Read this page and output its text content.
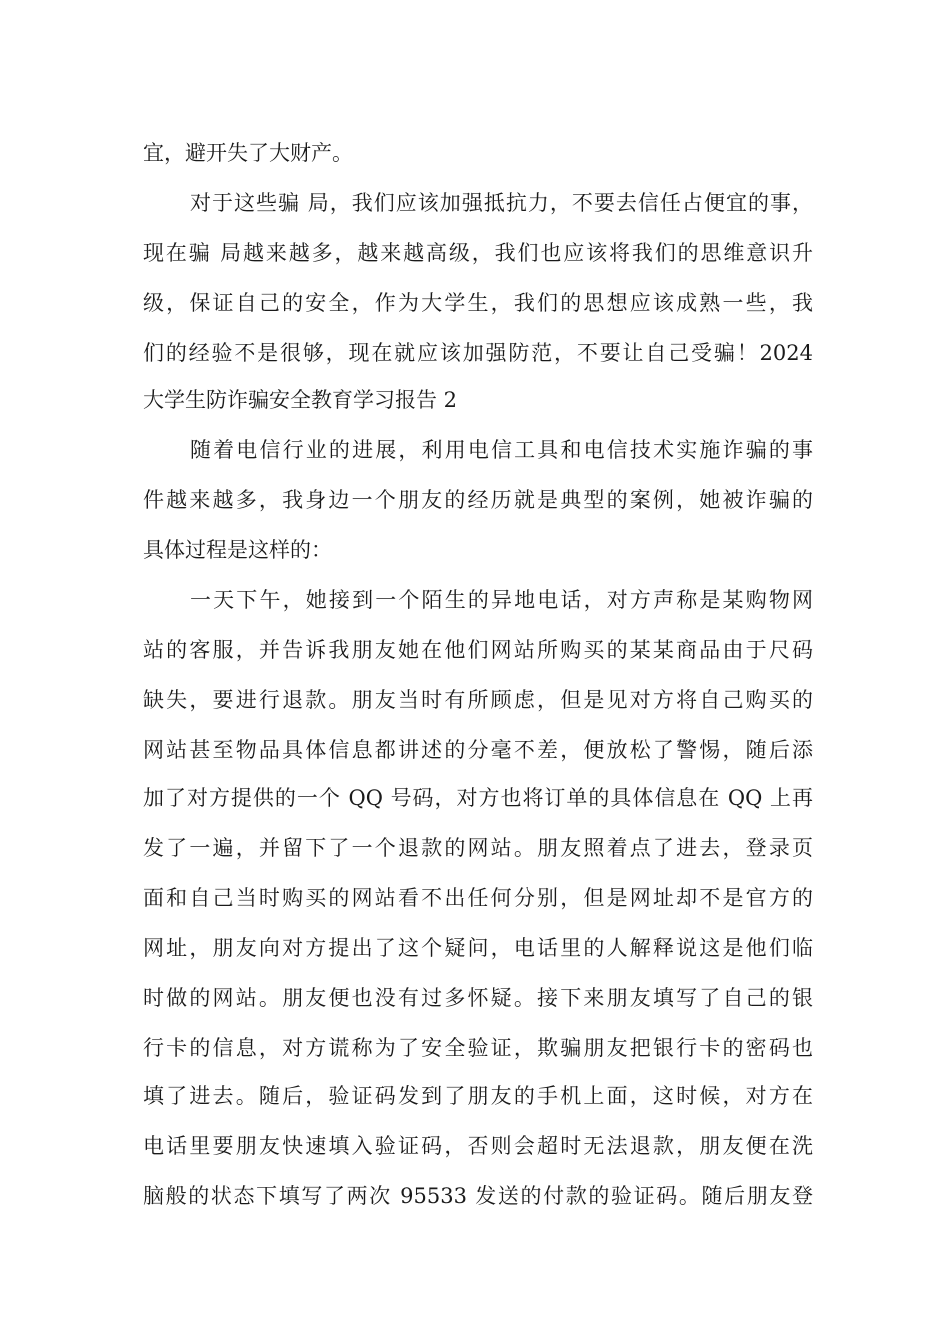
宜，避开失了大财产。
对于这些骗 局，我们应该加强抵抗力，不要去信任占便宜的事，
现在骗 局越来越多，越来越高级，我们也应该将我们的思维意识升
级，保证自己的安全，作为大学生，我们的思想应该成熟一些，我
们的经验不是很够，现在就应该加强防范，不要让自己受骗！2024
大学生防诈骗安全教育学习报告 2
随着电信行业的进展，利用电信工具和电信技术实施诈骗的事
件越来越多，我身边一个朋友的经历就是典型的案例，她被诈骗的
具体过程是这样的：
一天下午，她接到一个陌生的异地电话，对方声称是某购物网
站的客服，并告诉我朋友她在他们网站所购买的某某商品由于尺码
缺失，要进行退款。朋友当时有所顾虑，但是见对方将自己购买的
网站甚至物品具体信息都讲述的分毫不差，便放松了警惕，随后添
加了对方提供的一个 QQ 号码，对方也将订单的具体信息在 QQ 上再
发了一遍，并留下了一个退款的网站。朋友照着点了进去，登录页
面和自己当时购买的网站看不出任何分别，但是网址却不是官方的
网址，朋友向对方提出了这个疑问，电话里的人解释说这是他们临
时做的网站。朋友便也没有过多怀疑。接下来朋友填写了自己的银
行卡的信息，对方谎称为了安全验证，欺骗朋友把银行卡的密码也
填了进去。随后，验证码发到了朋友的手机上面，这时候，对方在
电话里要朋友快速填入验证码，否则会超时无法退款，朋友便在洗
脑般的状态下填写了两次 95533 发送的付款的验证码。随后朋友登
